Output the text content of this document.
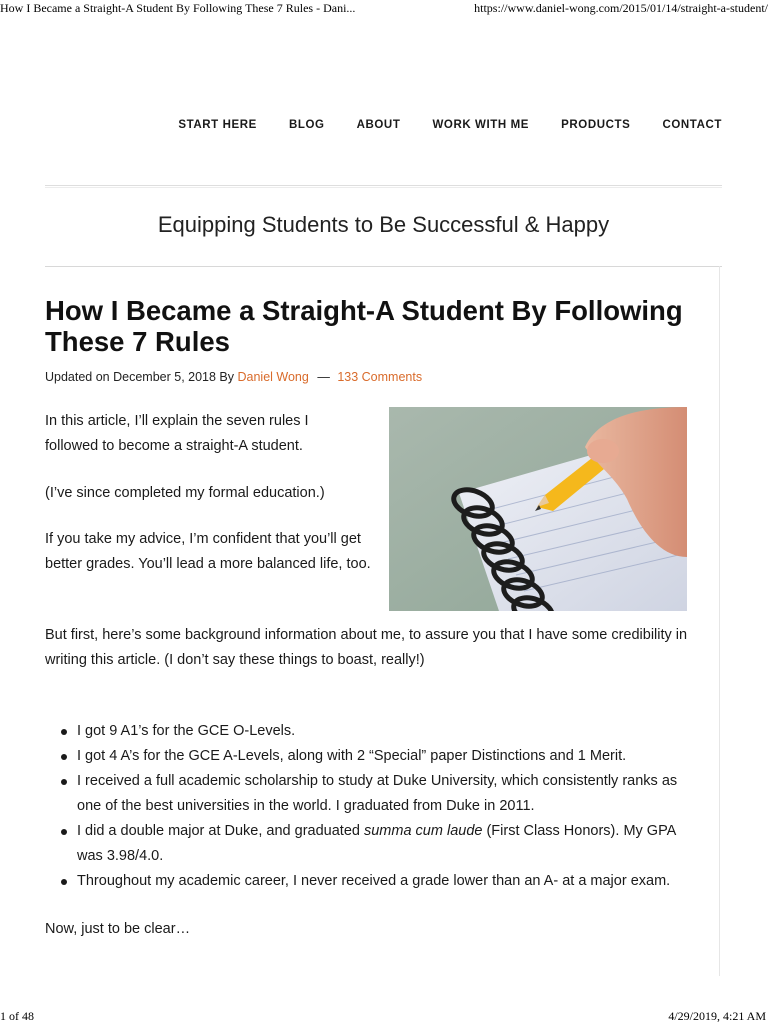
How I Became a Straight-A Student By Following These 7 Rules - Dani...	https://www.daniel-wong.com/2015/01/14/straight-a-student/
START HERE	BLOG	ABOUT	WORK WITH ME	PRODUCTS	CONTACT
Equipping Students to Be Successful & Happy
How I Became a Straight-A Student By Following These 7 Rules
Updated on December 5, 2018 By Daniel Wong — 133 Comments

In this article, I’ll explain the seven rules I followed to become a straight-A student.

(I’ve since completed my formal education.)

If you take my advice, I’m confident that you’ll get better grades. You’ll lead a more balanced life, too.

But first, here’s some background information about me, to assure you that I have some credibility in writing this article. (I don’t say these things to boast, really!)

I got 9 A1’s for the GCE O-Levels.
I got 4 A’s for the GCE A-Levels, along with 2 “Special” paper Distinctions and 1 Merit.
I received a full academic scholarship to study at Duke University, which consistently ranks as one of the best universities in the world. I graduated from Duke in 2011.
I did a double major at Duke, and graduated summa cum laude (First Class Honors). My GPA was 3.98/4.0.
Throughout my academic career, I never received a grade lower than an A- at a major exam.

Now, just to be clear…

1 of 48	4/29/2019, 4:21 AM
